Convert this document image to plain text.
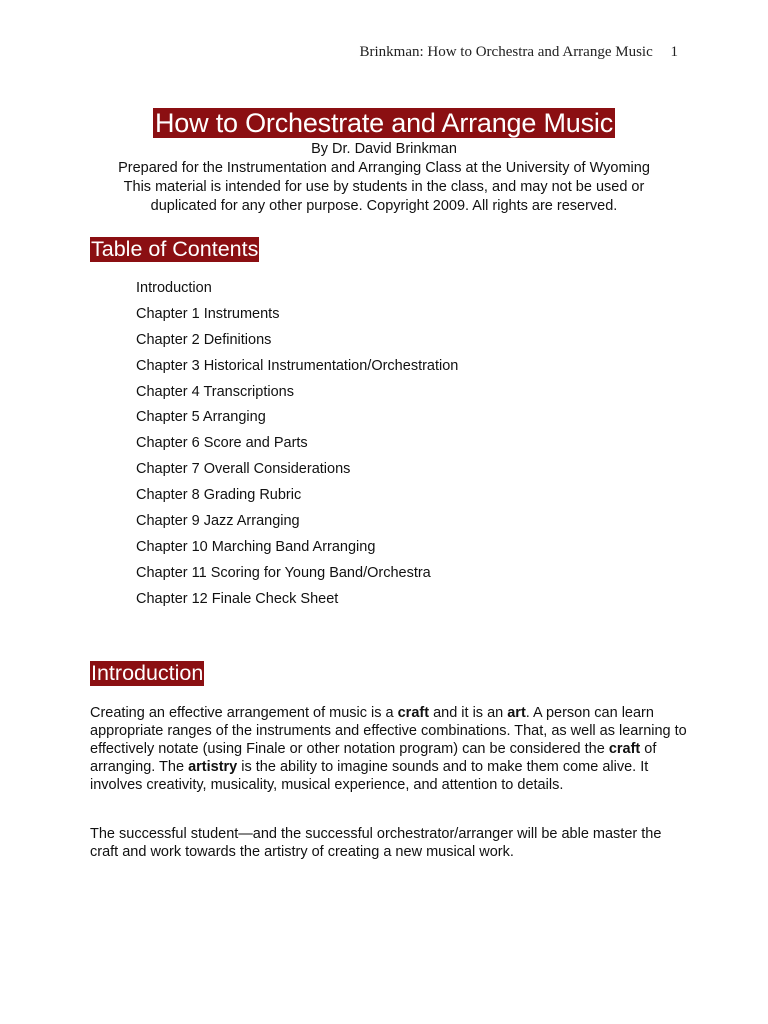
Brinkman: How to Orchestra and Arrange Music 1
How to Orchestrate and Arrange Music
By Dr. David Brinkman
Prepared for the Instrumentation and Arranging Class at the University of Wyoming
This material is intended for use by students in the class, and may not be used or
duplicated for any other purpose. Copyright 2009. All rights are reserved.
Table of Contents
Introduction
Chapter 1 Instruments
Chapter 2 Definitions
Chapter 3 Historical Instrumentation/Orchestration
Chapter 4 Transcriptions
Chapter 5 Arranging
Chapter 6 Score and Parts
Chapter 7 Overall Considerations
Chapter 8 Grading Rubric
Chapter 9 Jazz Arranging
Chapter 10 Marching Band Arranging
Chapter 11 Scoring for Young Band/Orchestra
Chapter 12 Finale Check Sheet
Introduction

Creating an effective arrangement of music is a craft and it is an art. A person can learn appropriate ranges of the instruments and effective combinations. That, as well as learning to effectively notate (using Finale or other notation program) can be considered the craft of arranging. The artistry is the ability to imagine sounds and to make them come alive. It involves creativity, musicality, musical experience, and attention to details.

The successful student—and the successful orchestrator/arranger will be able master the craft and work towards the artistry of creating a new musical work.
